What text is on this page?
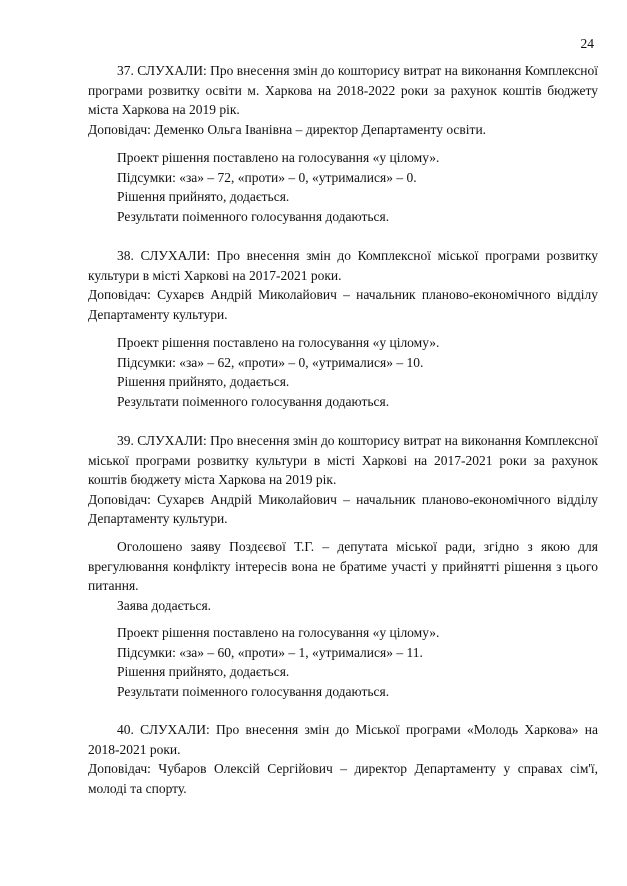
24

37. СЛУХАЛИ: Про внесення змін до кошторису витрат на виконання Комплексної програми розвитку освіти м. Харкова на 2018-2022 роки за рахунок коштів бюджету міста Харкова на 2019 рік.

Доповідач: Деменко Ольга Іванівна – директор Департаменту освіти.

Проект рішення поставлено на голосування «у цілому».

Підсумки: «за» – 72, «проти» – 0, «утрималися» – 0.

Рішення прийнято, додається.

Результати поіменного голосування додаються.

38. СЛУХАЛИ: Про внесення змін до Комплексної міської програми розвитку культури в місті Харкові на 2017-2021 роки.

Доповідач: Сухарєв Андрій Миколайович – начальник планово-економічного відділу Департаменту культури.

Проект рішення поставлено на голосування «у цілому».

Підсумки: «за» – 62, «проти» – 0, «утрималися» – 10.

Рішення прийнято, додається.

Результати поіменного голосування додаються.

39. СЛУХАЛИ: Про внесення змін до кошторису витрат на виконання Комплексної міської програми розвитку культури в місті Харкові на 2017-2021 роки за рахунок коштів бюджету міста Харкова на 2019 рік.

Доповідач: Сухарєв Андрій Миколайович – начальник планово-економічного відділу Департаменту культури.

Оголошено заяву Поздєєвої Т.Г. – депутата міської ради, згідно з якою для врегулювання конфлікту інтересів вона не братиме участі у прийнятті рішення з цього питання.

Заява додається.

Проект рішення поставлено на голосування «у цілому».

Підсумки: «за» – 60, «проти» – 1, «утрималися» – 11.

Рішення прийнято, додається.

Результати поіменного голосування додаються.

40. СЛУХАЛИ: Про внесення змін до Міської програми «Молодь Харкова» на 2018-2021 роки.

Доповідач: Чубаров Олексій Сергійович – директор Департаменту у справах сім'ї, молоді та спорту.
